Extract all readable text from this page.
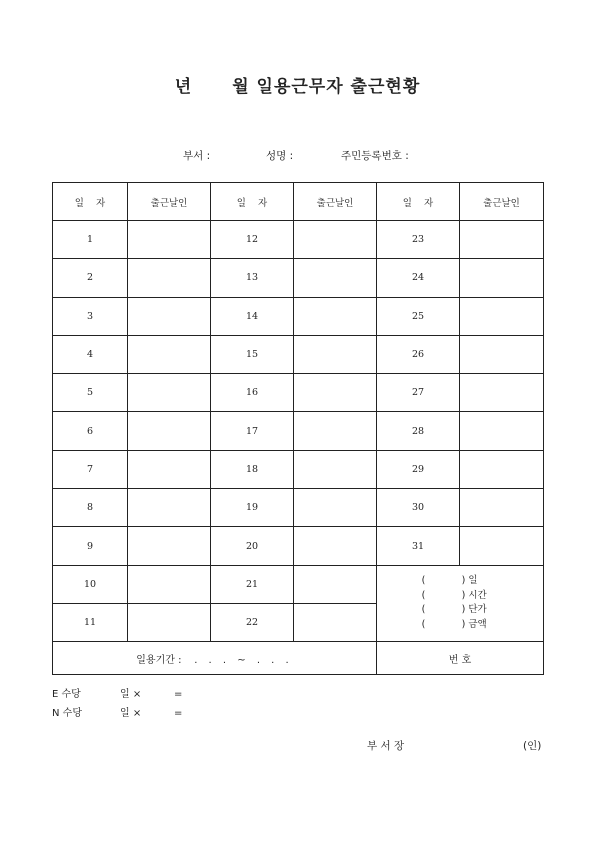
년 월 일용근무자 출근현황
부서 :	성명 :	주민등록번호 :
일    자	출근날인	일    자	출근날인	일    자	출근날인
1		12		23	
2		13		24	
3		14		25	
4		15		26	
5		16		27	
6		17		28	
7		18		29	
8		19		30	
9		20		31	
10		21		( ) 일
( ) 시간
( ) 단가
( ) 금액	

11		22			
일용기간 : . . . ~ . . .				번 호	
E 수당	일 ×	=
N 수당	일 ×	=
부 서 장	(인)
